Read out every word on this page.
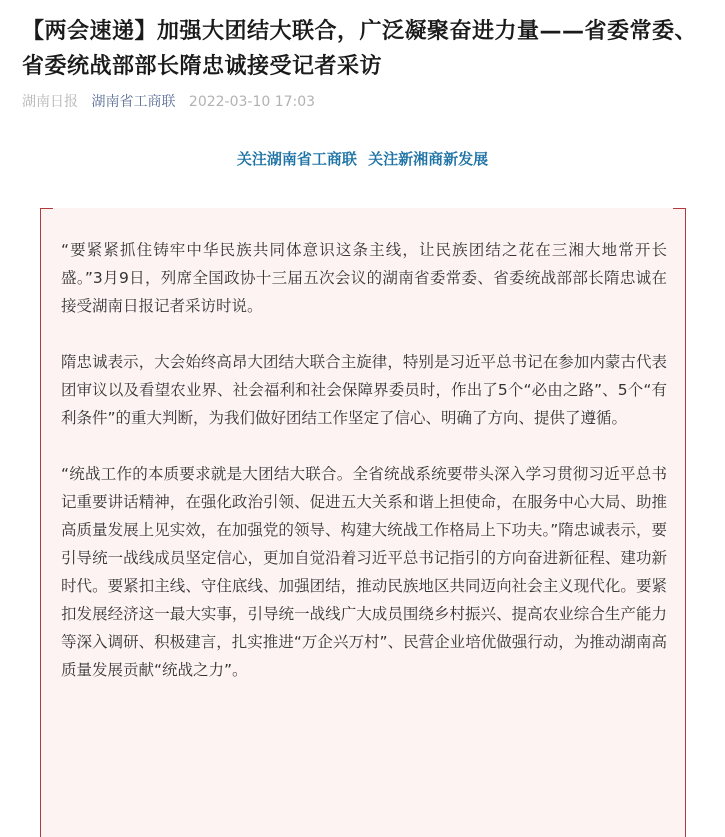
【两会速递】加强大团结大联合，广泛凝聚奋进力量——省委常委、省委统战部部长隋忠诚接受记者采访
湖南日报 湖南省工商联 2022-03-10 17:03
关注湖南省工商联 关注新湘商新发展

“要紧紧抓住铸牢中华民族共同体意识这条主线，让民族团结之花在三湘大地常开长盛。”3月9日，列席全国政协十三届五次会议的湖南省委常委、省委统战部部长隋忠诚在接受湖南日报记者采访时说。

隋忠诚表示，大会始终高昂大团结大联合主旋律，特别是习近平总书记在参加内蒙古代表团审议以及看望农业界、社会福利和社会保障界委员时，作出了5个“必由之路”、5个“有利条件”的重大判断，为我们做好团结工作坚定了信心、明确了方向、提供了遵循。

“统战工作的本质要求就是大团结大联合。全省统战系统要带头深入学习贯彻习近平总书记重要讲话精神，在强化政治引领、促进五大关系和谐上担使命，在服务中心大局、助推高质量发展上见实效，在加强党的领导、构建大统战工作格局上下功夫。”隋忠诚表示，要引导统一战线成员坚定信心，更加自觉沿着习近平总书记指引的方向奋进新征程、建功新时代。要紧扣主线、守住底线、加强团结，推动民族地区共同迈向社会主义现代化。要紧扣发展经济这一最大实事，引导统一战线广大成员围绕乡村振兴、提高农业综合生产能力等深入调研、积极建言，扎实推进“万企兴万村”、民营企业培优做强行动，为推动湖南高质量发展贡献“统战之力”。
